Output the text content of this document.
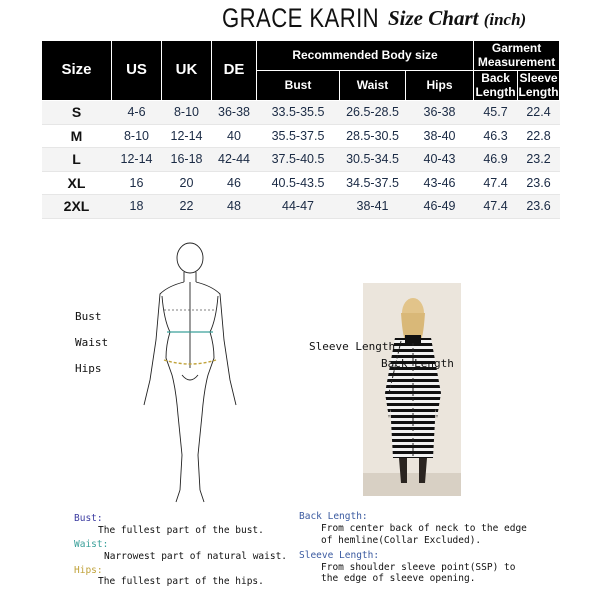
GRACE KARIN Size Chart (inch)
Size	US	UK	DE	Recommended Body size			Garment Measurement	
				Bust	Waist	Hips	Back Length	Sleeve Length
S	4-6	8-10	36-38	33.5-35.5	26.5-28.5	36-38	45.7	22.4
M	8-10	12-14	40	35.5-37.5	28.5-30.5	38-40	46.3	22.8
L	12-14	16-18	42-44	37.5-40.5	30.5-34.5	40-43	46.9	23.2
XL	16	20	46	40.5-43.5	34.5-37.5	43-46	47.4	23.6
2XL	18	22	48	44-47	38-41	46-49	47.4	23.6
Bust
Waist
Hips
Sleeve Length
Back Length
Bust:
The fullest part of the bust.
Waist:
Narrowest part of natural waist.
Hips:
The fullest part of the hips.
Back Length:
From center back of neck to the edge
of hemline(Collar Excluded).
Sleeve Length:
From shoulder sleeve point(SSP) to
the edge of sleeve opening.
